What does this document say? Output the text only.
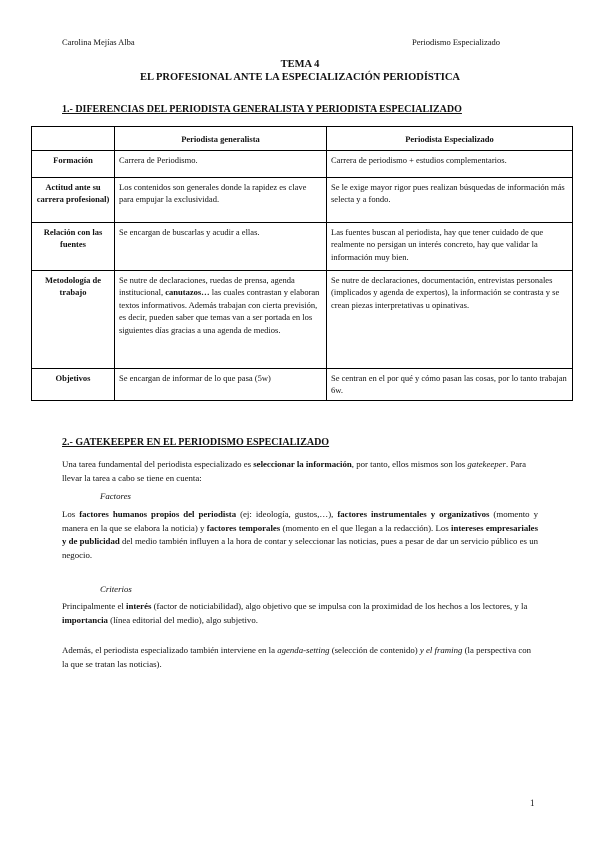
Carolina Mejías Alba	Periodismo Especializado
TEMA 4
EL PROFESIONAL ANTE LA ESPECIALIZACIÓN PERIODÍSTICA
1.- DIFERENCIAS DEL PERIODISTA GENERALISTA Y PERIODISTA ESPECIALIZADO
	Periodista generalista	Periodista Especializado
Formación	Carrera de Periodismo.	Carrera de periodismo + estudios complementarios.
Actitud ante su carrera profesional)	Los contenidos son generales donde la rapidez es clave para empujar la exclusividad.	Se le exige mayor rigor pues realizan búsquedas de información más selecta y a fondo.
Relación con las fuentes	Se encargan de buscarlas y acudir a ellas.	Las fuentes buscan al periodista, hay que tener cuidado de que realmente no persigan un interés concreto, hay que validar la información muy bien.
Metodología de trabajo	Se nutre de declaraciones, ruedas de prensa, agenda institucional, canutazos… las cuales contrastan y elaboran textos informativos. Además trabajan con cierta previsión, es decir, pueden saber que temas van a ser portada en los siguientes días gracias a una agenda de medios.	Se nutre de declaraciones, documentación, entrevistas personales (implicados y agenda de expertos), la información se contrasta y se crean piezas interpretativas u opinativas.
Objetivos	Se encargan de informar de lo que pasa (5w)	Se centran en el por qué y cómo pasan las cosas, por lo tanto trabajan 6w.
2.- GATEKEEPER EN EL PERIODISMO ESPECIALIZADO
Una tarea fundamental del periodista especializado es seleccionar la información, por tanto, ellos mismos son los gatekeeper. Para llevar la tarea a cabo se tiene en cuenta:
Factores
Los factores humanos propios del periodista (ej: ideología, gustos,…), factores instrumentales y organizativos (momento y manera en la que se elabora la noticia) y factores temporales (momento en el que llegan a la redacción). Los intereses empresariales y de publicidad del medio también influyen a la hora de contar y seleccionar las noticias, pues a pesar de dar un servicio público es un negocio.
Criterios
Principalmente el interés (factor de noticiabilidad), algo objetivo que se impulsa con la proximidad de los hechos a los lectores, y la importancia (línea editorial del medio), algo subjetivo.
Además, el periodista especializado también interviene en la agenda-setting (selección de contenido) y el framing (la perspectiva con la que se tratan las noticias).
1
